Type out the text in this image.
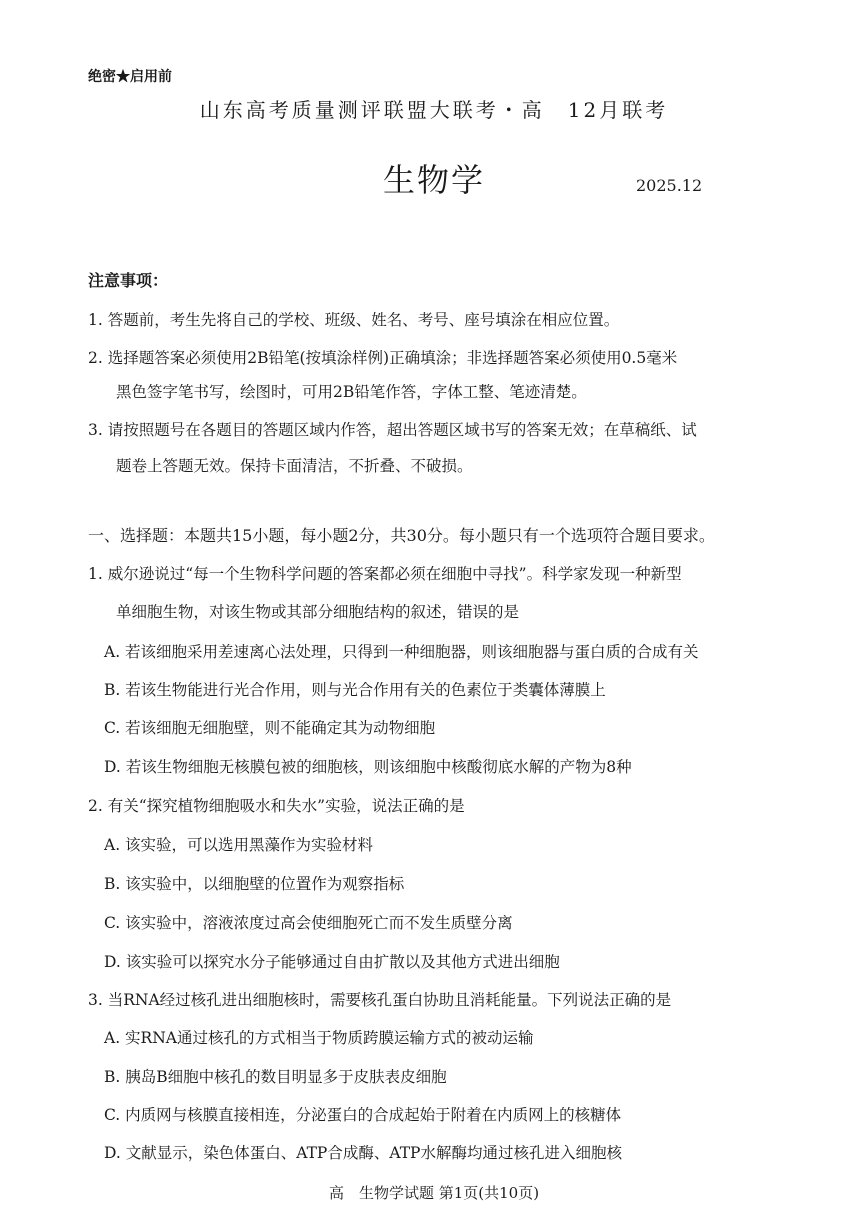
绝密★启用前
山东高考质量测评联盟大联考・高　12月联考
生物学	2025.12
注意事项：
1. 答题前，考生先将自己的学校、班级、姓名、考号、座号填涂在相应位置。
2. 选择题答案必须使用2B铅笔(按填涂样例)正确填涂；非选择题答案必须使用0.5毫米
黑色签字笔书写，绘图时，可用2B铅笔作答，字体工整、笔迹清楚。
3. 请按照题号在各题目的答题区域内作答，超出答题区域书写的答案无效；在草稿纸、试
题卷上答题无效。保持卡面清洁，不折叠、不破损。
一、选择题：本题共15小题，每小题2分，共30分。每小题只有一个选项符合题目要求。
1. 威尔逊说过“每一个生物科学问题的答案都必须在细胞中寻找”。科学家发现一种新型
单细胞生物，对该生物或其部分细胞结构的叙述，错误的是
A. 若该细胞采用差速离心法处理，只得到一种细胞器，则该细胞器与蛋白质的合成有关
B. 若该生物能进行光合作用，则与光合作用有关的色素位于类囊体薄膜上
C. 若该细胞无细胞壁，则不能确定其为动物细胞
D. 若该生物细胞无核膜包被的细胞核，则该细胞中核酸彻底水解的产物为8种
2. 有关“探究植物细胞吸水和失水”实验，说法正确的是
A. 该实验，可以选用黑藻作为实验材料
B. 该实验中，以细胞壁的位置作为观察指标
C. 该实验中，溶液浓度过高会使细胞死亡而不发生质壁分离
D. 该实验可以探究水分子能够通过自由扩散以及其他方式进出细胞
3. 当RNA经过核孔进出细胞核时，需要核孔蛋白协助且消耗能量。下列说法正确的是
A. 实RNA通过核孔的方式相当于物质跨膜运输方式的被动运输
B. 胰岛B细胞中核孔的数目明显多于皮肤表皮细胞
C. 内质网与核膜直接相连，分泌蛋白的合成起始于附着在内质网上的核糖体
D. 文献显示，染色体蛋白、ATP合成酶、ATP水解酶均通过核孔进入细胞核
高　生物学试题 第1页(共10页)
